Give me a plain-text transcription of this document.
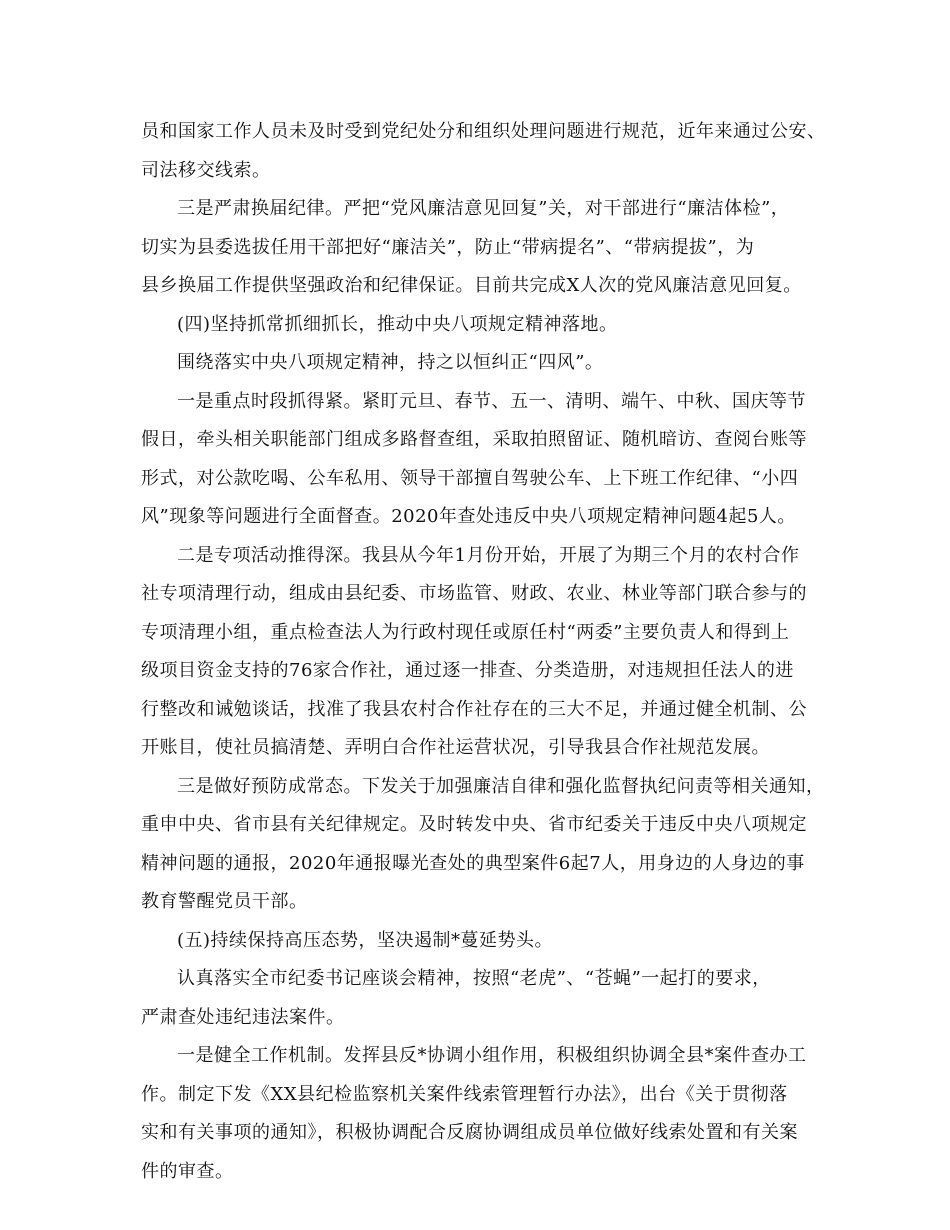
员和国家工作人员未及时受到党纪处分和组织处理问题进行规范，近年来通过公安、
司法移交线索。
三是严肃换届纪律。严把“党风廉洁意见回复”关，对干部进行“廉洁体检”，
切实为县委选拔任用干部把好“廉洁关”，防止“带病提名”、“带病提拔”，为
县乡换届工作提供坚强政治和纪律保证。目前共完成X人次的党风廉洁意见回复。
(四)坚持抓常抓细抓长，推动中央八项规定精神落地。
围绕落实中央八项规定精神，持之以恒纠正“四风”。
一是重点时段抓得紧。紧盯元旦、春节、五一、清明、端午、中秋、国庆等节
假日，牵头相关职能部门组成多路督查组，采取拍照留证、随机暗访、查阅台账等
形式，对公款吃喝、公车私用、领导干部擅自驾驶公车、上下班工作纪律、“小四
风”现象等问题进行全面督查。2020年查处违反中央八项规定精神问题4起5人。
二是专项活动推得深。我县从今年1月份开始，开展了为期三个月的农村合作
社专项清理行动，组成由县纪委、市场监管、财政、农业、林业等部门联合参与的
专项清理小组，重点检查法人为行政村现任或原任村“两委”主要负责人和得到上
级项目资金支持的76家合作社，通过逐一排查、分类造册，对违规担任法人的进
行整改和诫勉谈话，找准了我县农村合作社存在的三大不足，并通过健全机制、公
开账目，使社员搞清楚、弄明白合作社运营状况，引导我县合作社规范发展。
三是做好预防成常态。下发关于加强廉洁自律和强化监督执纪问责等相关通知，
重申中央、省市县有关纪律规定。及时转发中央、省市纪委关于违反中央八项规定
精神问题的通报，2020年通报曝光查处的典型案件6起7人，用身边的人身边的事
教育警醒党员干部。
(五)持续保持高压态势，坚决遏制*蔓延势头。
认真落实全市纪委书记座谈会精神，按照“老虎”、“苍蝇”一起打的要求，
严肃查处违纪违法案件。
一是健全工作机制。发挥县反*协调小组作用，积极组织协调全县*案件查办工
作。制定下发《XX县纪检监察机关案件线索管理暂行办法》，出台《关于贯彻落
实和有关事项的通知》，积极协调配合反腐协调组成员单位做好线索处置和有关案
件的审查。
